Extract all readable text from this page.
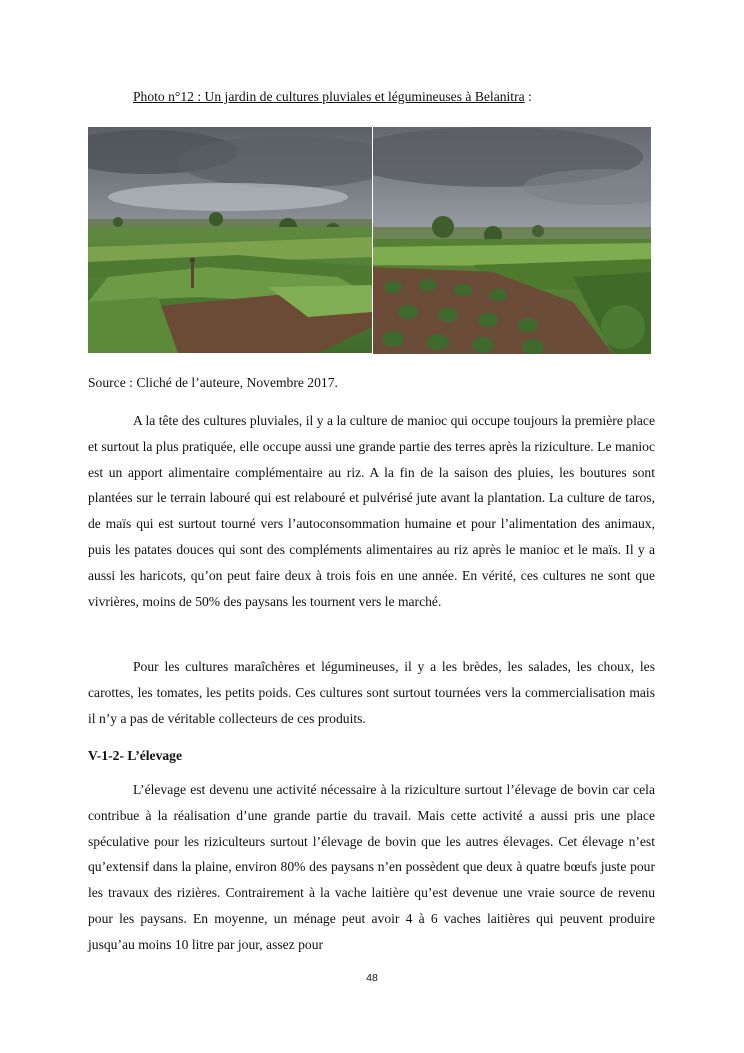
Photo n°12 : Un jardin de cultures pluviales et légumineuses à Belanitra :
Source : Cliché de l’auteure, Novembre 2017.

A la tête des cultures pluviales, il y a la culture de manioc qui occupe toujours la première place et surtout la plus pratiquée, elle occupe aussi une grande partie des terres après la riziculture. Le manioc est un apport alimentaire complémentaire au riz. A la fin de la saison des pluies, les boutures sont plantées sur le terrain labouré qui est relabouré et pulvérisé jute avant la plantation. La culture de taros, de maïs qui est surtout tourné vers l’autoconsommation humaine et pour l’alimentation des animaux, puis les patates douces qui sont des compléments alimentaires au riz après le manioc et le maïs. Il y a aussi les haricots, qu’on peut faire deux à trois fois en une année. En vérité, ces cultures ne sont que vivrières, moins de 50% des paysans les tournent vers le marché.

Pour les cultures maraîchères et légumineuses, il y a les brèdes, les salades, les choux, les carottes, les tomates, les petits poids. Ces cultures sont surtout tournées vers la commercialisation mais il n’y a pas de véritable collecteurs de ces produits.

V-1-2- L’élevage

L’élevage est devenu une activité nécessaire à la riziculture surtout l’élevage de bovin car cela contribue à la réalisation d’une grande partie du travail. Mais cette activité a aussi pris une place spéculative pour les riziculteurs surtout l’élevage de bovin que les autres élevages. Cet élevage n’est qu’extensif dans la plaine, environ 80% des paysans n’en possèdent que deux à quatre bœufs juste pour les travaux des rizières. Contrairement à la vache laitière qu’est devenue une vraie source de revenu pour les paysans. En moyenne, un ménage peut avoir 4 à 6 vaches laitières qui peuvent produire jusqu’au moins 10 litre par jour, assez pour

48
